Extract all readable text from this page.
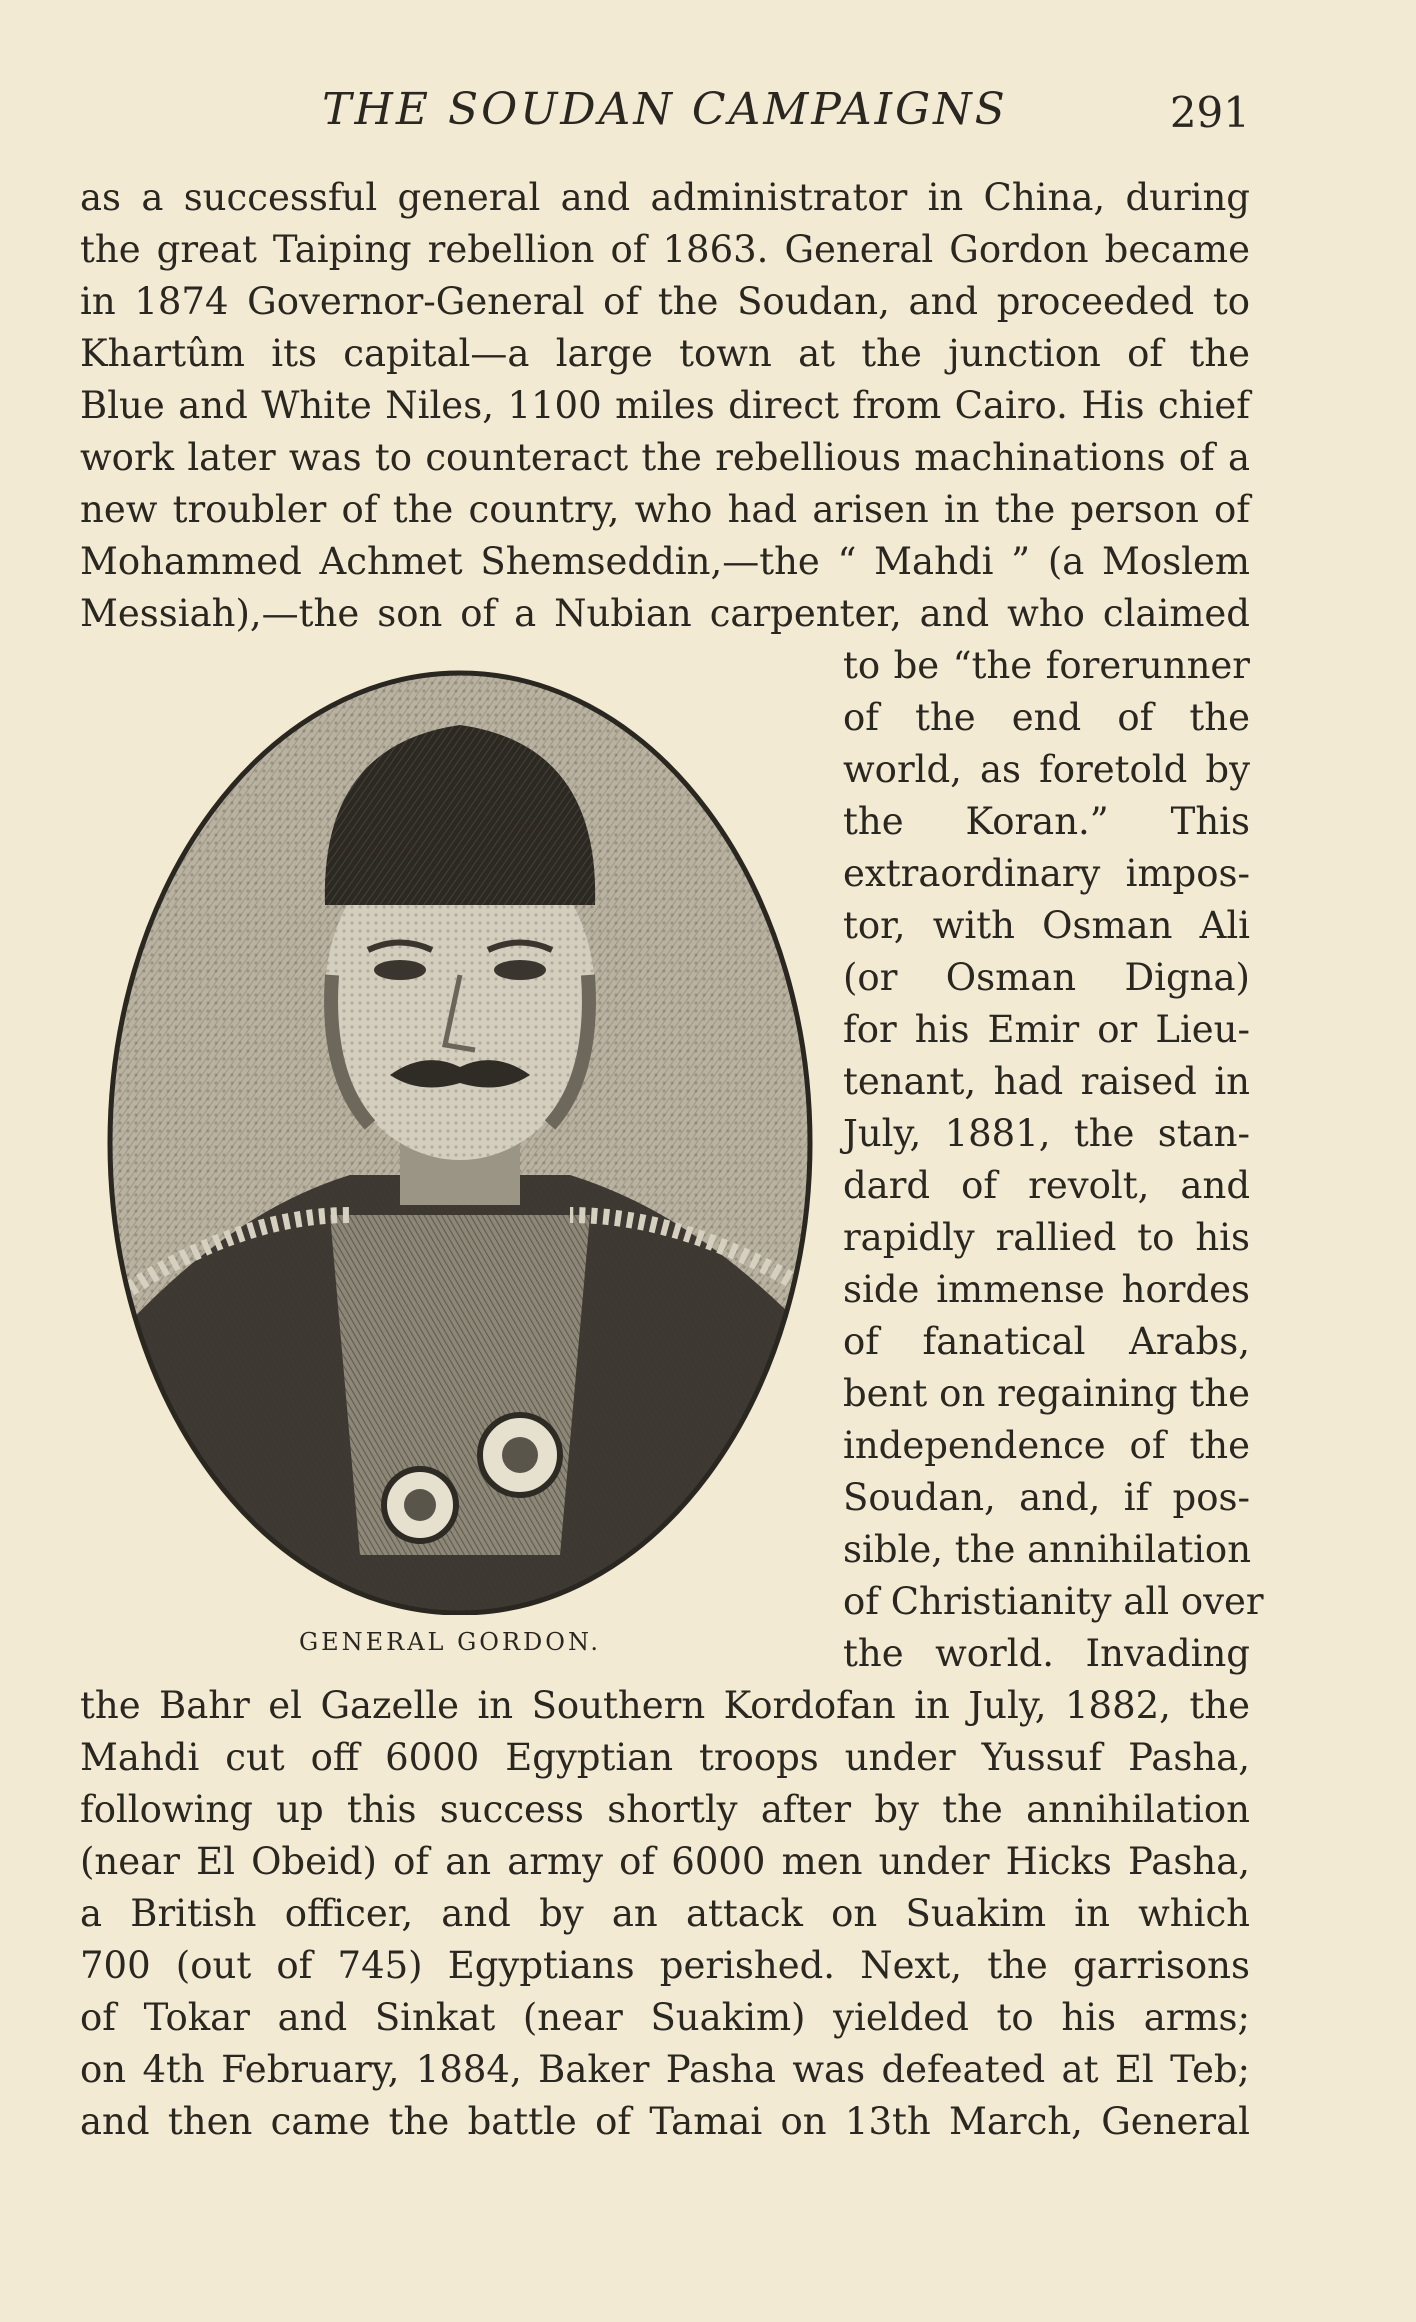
THE SOUDAN CAMPAIGNS	291
as a successful general and administrator in China, during
the great Taiping rebellion of 1863. General Gordon became
in 1874 Governor-General of the Soudan, and proceeded to
Khartûm its capital—a large town at the junction of the
Blue and White Niles, 1100 miles direct from Cairo. His chief
work later was to counteract the rebellious machinations of a
new troubler of the country, who had arisen in the person of
Mohammed Achmet Shemseddin,—the “ Mahdi ” (a Moslem
Messiah),—the son of a Nubian carpenter, and who claimed
GENERAL GORDON.
to be “the forerunner
of the end of the
world, as foretold by
the Koran.” This
extraordinary impos-
tor, with Osman Ali
(or Osman Digna)
for his Emir or Lieu-
tenant, had raised in
July, 1881, the stan-
dard of revolt, and
rapidly rallied to his
side immense hordes
of fanatical Arabs,
bent on regaining the
independence of the
Soudan, and, if pos-
sible, the annihilation
of Christianity all over
the world. Invading
the Bahr el Gazelle in Southern Kordofan in July, 1882, the
Mahdi cut off 6000 Egyptian troops under Yussuf Pasha,
following up this success shortly after by the annihilation
(near El Obeid) of an army of 6000 men under Hicks Pasha,
a British officer, and by an attack on Suakim in which
700 (out of 745) Egyptians perished. Next, the garrisons
of Tokar and Sinkat (near Suakim) yielded to his arms;
on 4th February, 1884, Baker Pasha was defeated at El Teb;
and then came the battle of Tamai on 13th March, General
